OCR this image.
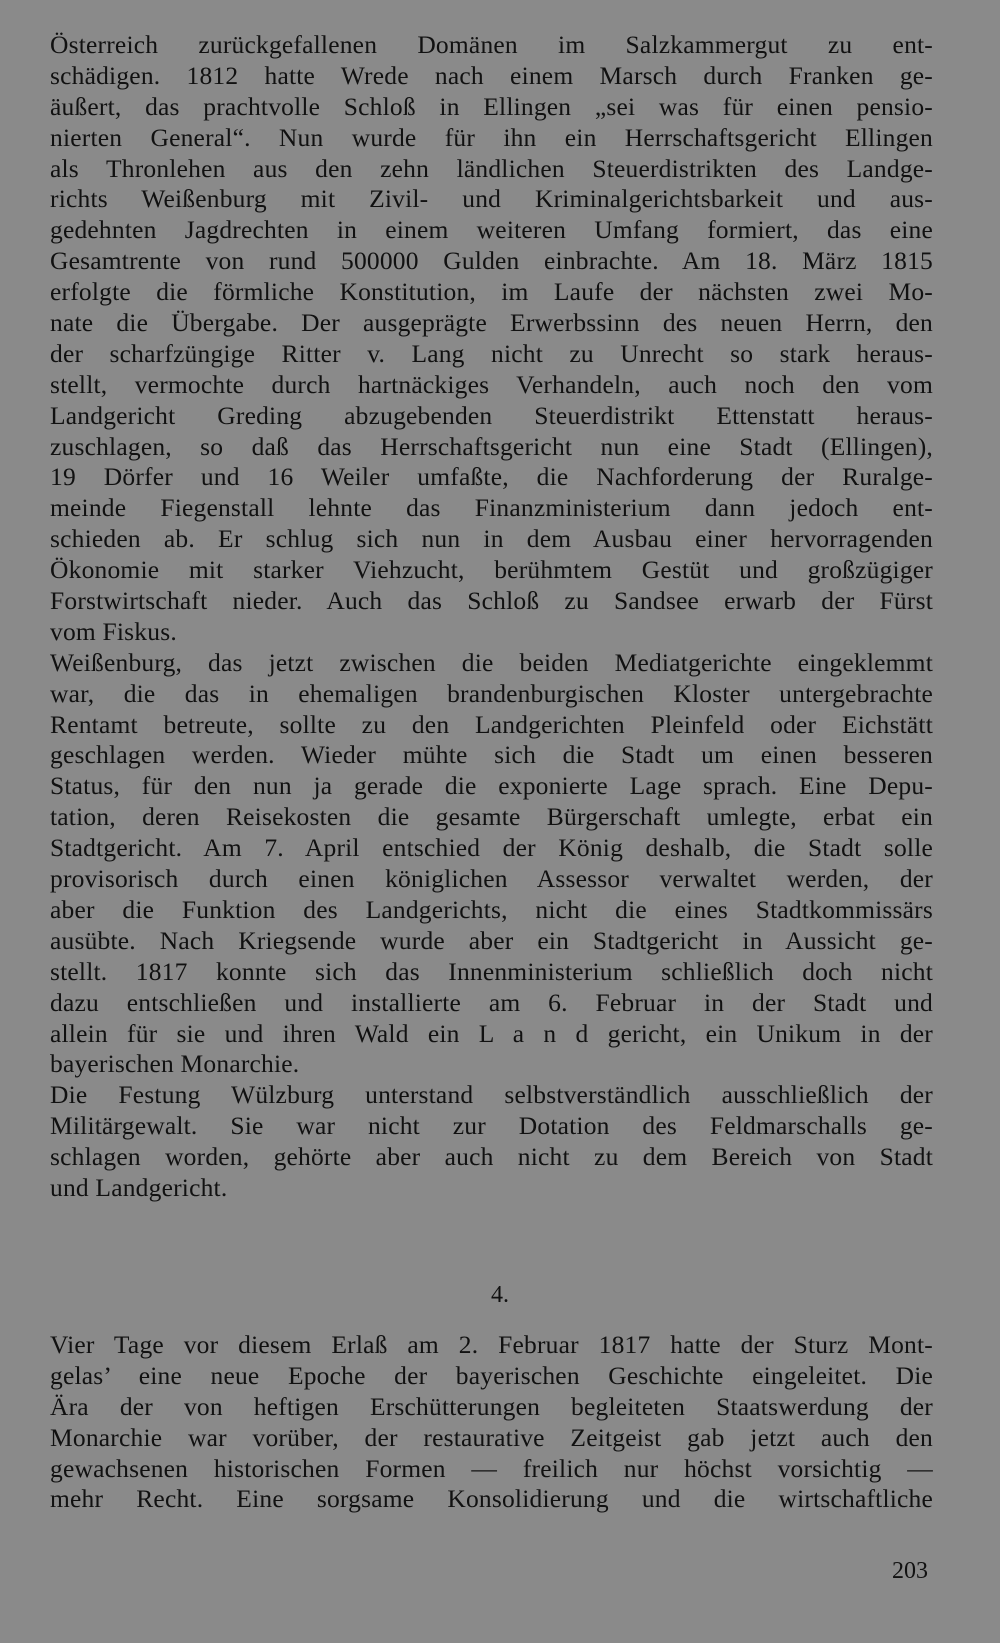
Österreich zurückgefallenen Domänen im Salzkammergut zu ent-
schädigen. 1812 hatte Wrede nach einem Marsch durch Franken ge-
äußert, das prachtvolle Schloß in Ellingen „sei was für einen pensio-
nierten General“. Nun wurde für ihn ein Herrschaftsgericht Ellingen
als Thronlehen aus den zehn ländlichen Steuerdistrikten des Landge-
richts Weißenburg mit Zivil- und Kriminalgerichtsbarkeit und aus-
gedehnten Jagdrechten in einem weiteren Umfang formiert, das eine
Gesamtrente von rund 500000 Gulden einbrachte. Am 18. März 1815
erfolgte die förmliche Konstitution, im Laufe der nächsten zwei Mo-
nate die Übergabe. Der ausgeprägte Erwerbssinn des neuen Herrn, den
der scharfzüngige Ritter v. Lang nicht zu Unrecht so stark heraus-
stellt, vermochte durch hartnäckiges Verhandeln, auch noch den vom
Landgericht Greding abzugebenden Steuerdistrikt Ettenstatt heraus-
zuschlagen, so daß das Herrschaftsgericht nun eine Stadt (Ellingen),
19 Dörfer und 16 Weiler umfaßte, die Nachforderung der Ruralge-
meinde Fiegenstall lehnte das Finanzministerium dann jedoch ent-
schieden ab. Er schlug sich nun in dem Ausbau einer hervorragenden
Ökonomie mit starker Viehzucht, berühmtem Gestüt und großzügiger
Forstwirtschaft nieder. Auch das Schloß zu Sandsee erwarb der Fürst
vom Fiskus.
Weißenburg, das jetzt zwischen die beiden Mediatgerichte eingeklemmt
war, die das in ehemaligen brandenburgischen Kloster untergebrachte
Rentamt betreute, sollte zu den Landgerichten Pleinfeld oder Eichstätt
geschlagen werden. Wieder mühte sich die Stadt um einen besseren
Status, für den nun ja gerade die exponierte Lage sprach. Eine Depu-
tation, deren Reisekosten die gesamte Bürgerschaft umlegte, erbat ein
Stadtgericht. Am 7. April entschied der König deshalb, die Stadt solle
provisorisch durch einen königlichen Assessor verwaltet werden, der
aber die Funktion des Landgerichts, nicht die eines Stadtkommissärs
ausübte. Nach Kriegsende wurde aber ein Stadtgericht in Aussicht ge-
stellt. 1817 konnte sich das Innenministerium schließlich doch nicht
dazu entschließen und installierte am 6. Februar in der Stadt und
allein für sie und ihren Wald ein L a n d gericht, ein Unikum in der
bayerischen Monarchie.
Die Festung Wülzburg unterstand selbstverständlich ausschließlich der
Militärgewalt. Sie war nicht zur Dotation des Feldmarschalls ge-
schlagen worden, gehörte aber auch nicht zu dem Bereich von Stadt
und Landgericht.
4.
Vier Tage vor diesem Erlaß am 2. Februar 1817 hatte der Sturz Mont-
gelas’ eine neue Epoche der bayerischen Geschichte eingeleitet. Die
Ära der von heftigen Erschütterungen begleiteten Staatswerdung der
Monarchie war vorüber, der restaurative Zeitgeist gab jetzt auch den
gewachsenen historischen Formen — freilich nur höchst vorsichtig —
mehr Recht. Eine sorgsame Konsolidierung und die wirtschaftliche
203
